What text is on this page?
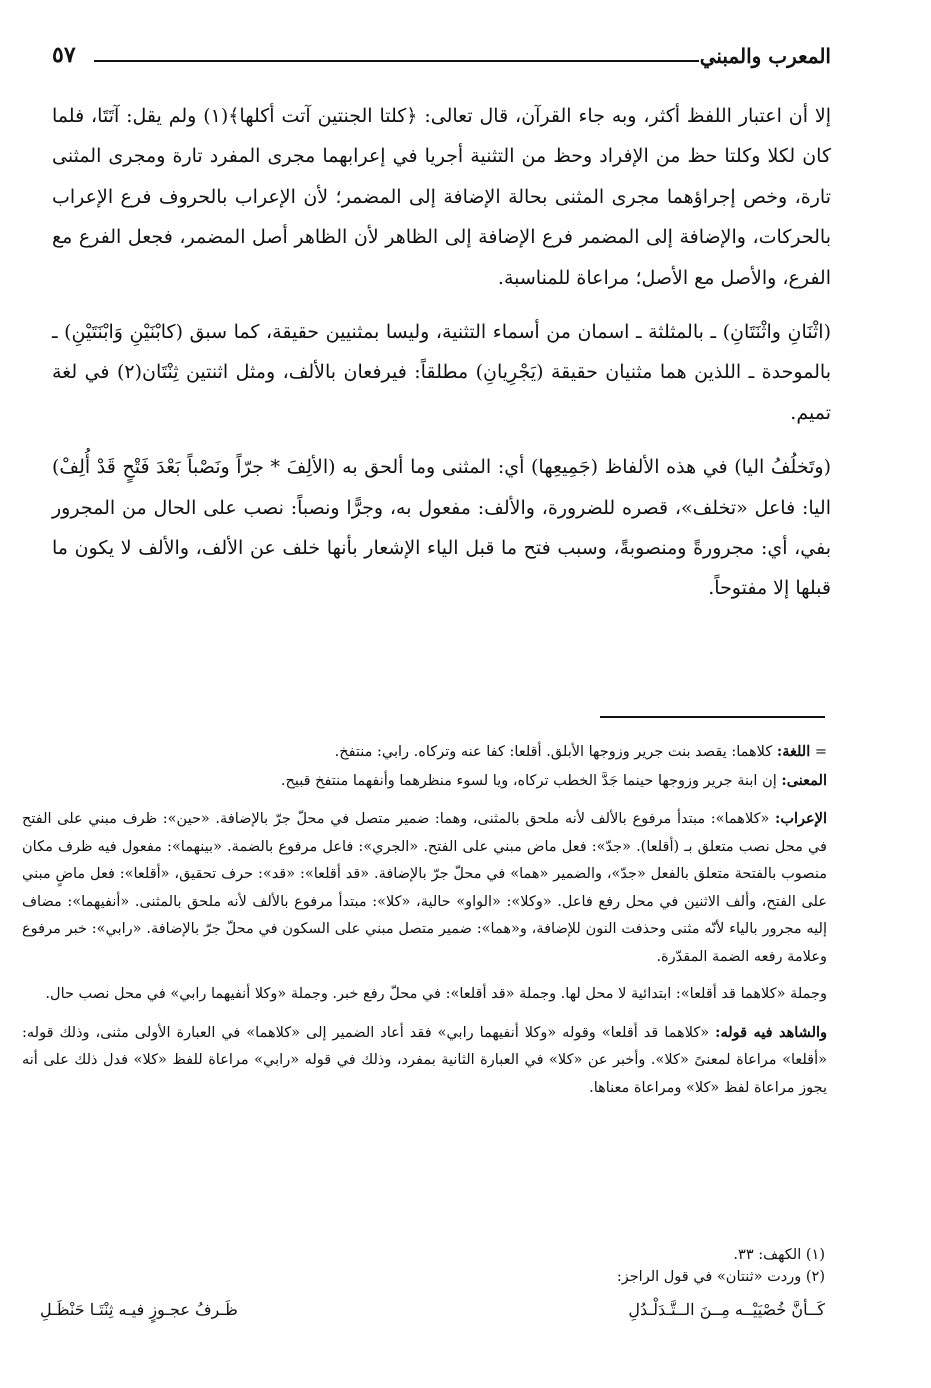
المعرب والمبني
٥٧

إلا أن اعتبار اللفظ أكثر، وبه جاء القرآن، قال تعالى: ﴿كلتا الجنتين آتت أكلها﴾(١) ولم يقل: آتَتَا، فلما كان لكلا وكلتا حظ من الإفراد وحظ من التثنية أجريا في إعرابهما مجرى المفرد تارة ومجرى المثنى تارة، وخص إجراؤهما مجرى المثنى بحالة الإضافة إلى المضمر؛ لأن الإعراب بالحروف فرع الإعراب بالحركات، والإضافة إلى المضمر فرع الإضافة إلى الظاهر لأن الظاهر أصل المضمر، فجعل الفرع مع الفرع، والأصل مع الأصل؛ مراعاة للمناسبة.

(اثْنَانِ واثْنَتَانِ) ـ بالمثلثة ـ اسمان من أسماء التثنية، وليسا بمثنيين حقيقة، كما سبق (كابْنَيْنِ وَابْنَتَيْنِ) ـ بالموحدة ـ اللذين هما مثنيان حقيقة (يَجْرِيانِ) مطلقاً: فيرفعان بالألف، ومثل اثنتين ثِنْتَان(٢) في لغة تميم.

(وتَخلُفُ اليا) في هذه الألفاظ (جَمِيعِها) أي: المثنى وما ألحق به (الألِفَ * جرّاً ونَصْباً بَعْدَ فَتْحٍ قَدْ أُلِفْ) اليا: فاعل «تخلف»، قصره للضرورة، والألف: مفعول به، وجرًّا ونصباً: نصب على الحال من المجرور بفي، أي: مجرورةً ومنصوبةً، وسبب فتح ما قبل الياء الإشعار بأنها خلف عن الألف، والألف لا يكون ما قبلها إلا مفتوحاً.

= اللغة: كلاهما: يقصد بنت جرير وزوجها الأبلق. أقلعا: كفا عنه وتركاه. رابي: منتفخ.

المعنى: إن ابنة جرير وزوجها حينما جَدَّ الخطب تركاه، ويا لسوء منظرهما وأنفهما منتفخ قبيح.

الإعراب: «كلاهما»: مبتدأ مرفوع بالألف لأنه ملحق بالمثنى، وهما: ضمير متصل في محلّ جرّ بالإضافة. «حين»: ظرف مبني على الفتح في محل نصب متعلق بـ (أقلعا). «جدّ»: فعل ماض مبني على الفتح. «الجري»: فاعل مرفوع بالضمة. «بينهما»: مفعول فيه ظرف مكان منصوب بالفتحة متعلق بالفعل «جدّ»، والضمير «هما» في محلّ جرّ بالإضافة. «قد أقلعا»: «قد»: حرف تحقيق، «أقلعا»: فعل ماضٍ مبني على الفتح، وألف الاثنين في محل رفع فاعل. «وكلا»: «الواو» حالية، «كلا»: مبتدأ مرفوع بالألف لأنه ملحق بالمثنى. «أنفيهما»: مضاف إليه مجرور بالياء لأنّه مثنى وحذفت النون للإضافة، و«هما»: ضمير متصل مبني على السكون في محلّ جرّ بالإضافة. «رابي»: خبر مرفوع وعلامة رفعه الضمة المقدّرة.

وجملة «كلاهما قد أقلعا»: ابتدائية لا محل لها. وجملة «قد أقلعا»: في محلّ رفع خبر. وجملة «وكلا أنفيهما رابي» في محل نصب حال.

والشاهد فيه قوله: «كلاهما قد أقلعا» وقوله «وكلا أنفيهما رابي» فقد أعاد الضمير إلى «كلاهما» في العبارة الأولى مثنى، وذلك قوله: «أقلعا» مراعاة لمعنىً «كلا». وأخبر عن «كلا» في العبارة الثانية بمفرد، وذلك في قوله «رابي» مراعاة للفظ «كلا» فدل ذلك على أنه يجوز مراعاة لفظ «كلا» ومراعاة معناها.

(١) الكهف: ٣٣.

(٢) وردت «ثنتان» في قول الراجز:

كَــأنَّ خُصْيَيْــه مِــنَ الــتَّـدَلْـدُلِ
ظَـرفُ عجـوزٍ فيـه ثِنْتَـا حَنْظَـلِ
